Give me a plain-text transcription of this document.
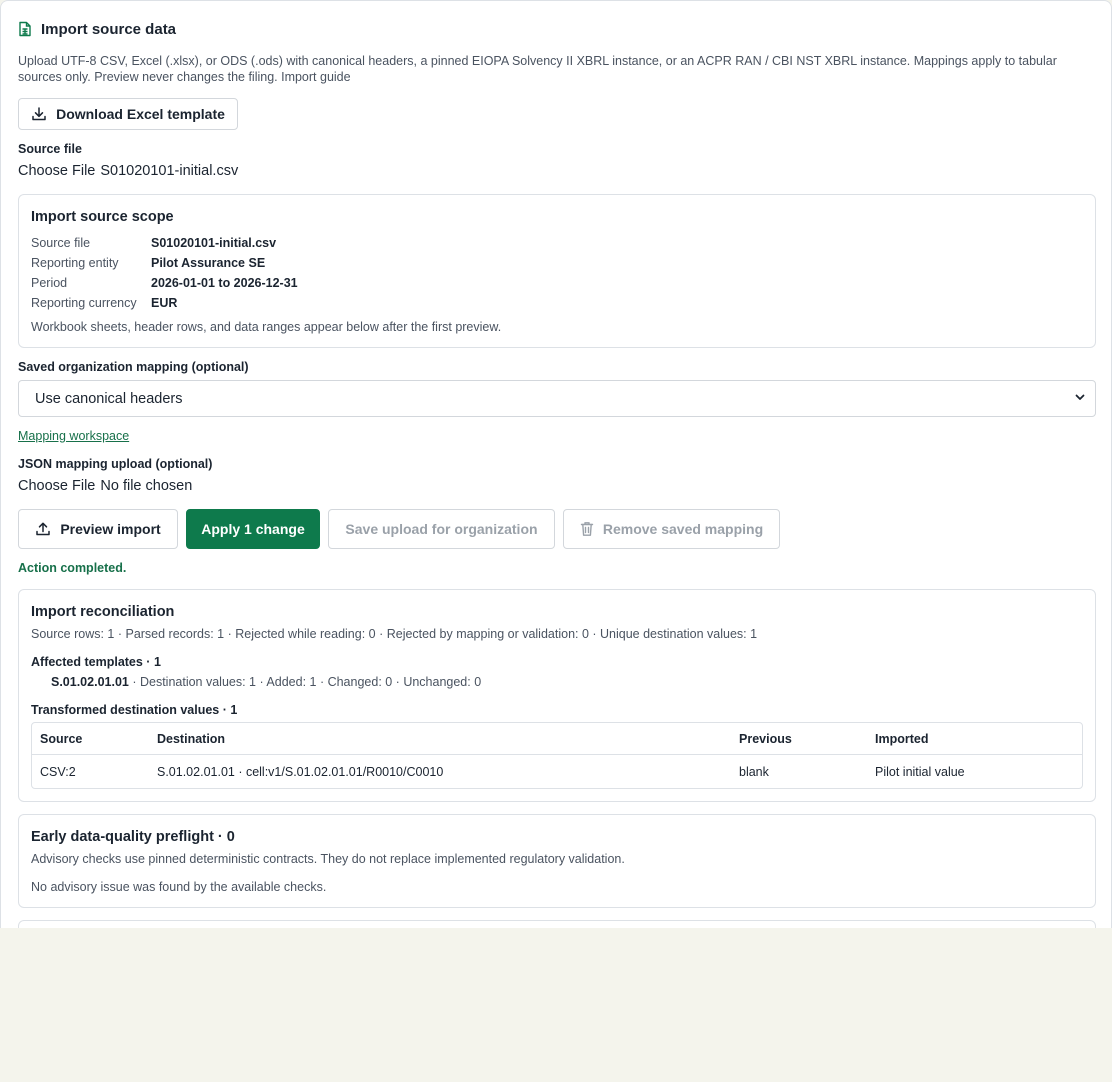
Import source data

Upload UTF-8 CSV, Excel (.xlsx), or ODS (.ods) with canonical headers, a pinned EIOPA Solvency II XBRL instance, or an ACPR RAN / CBI NST XBRL instance. Mappings apply to tabular sources only. Preview never changes the filing. Import guide

Download Excel template
Source file
Choose File S01020101-initial.csv
Import source scope
Source file	S01020101-initial.csv
Reporting entity	Pilot Assurance SE
Period	2026-01-01 to 2026-12-31
Reporting currency EUR
Workbook sheets, header rows, and data ranges appear below after the first preview.
Saved organization mapping (optional)
Use canonical headers
Mapping workspace
JSON mapping upload (optional)
Choose File No file chosen
Preview import	Apply 1 change	Save upload for organization	Remove saved mapping
Action completed.
Import reconciliation
Source rows: 1 · Parsed records: 1 · Rejected while reading: 0 · Rejected by mapping or validation: 0 · Unique destination values: 1
Affected templates · 1
S.01.02.01.01 · Destination values: 1 · Added: 1 · Changed: 0 · Unchanged: 0
Transformed destination values · 1
Source	Destination	Previous	Imported
CSV:2	S.01.02.01.01 · cell:v1/S.01.02.01.01/R0010/C0010	blank	Pilot initial value
Early data-quality preflight · 0
Advisory checks use pinned deterministic contracts. They do not replace implemented regulatory validation.
No advisory issue was found by the available checks.
